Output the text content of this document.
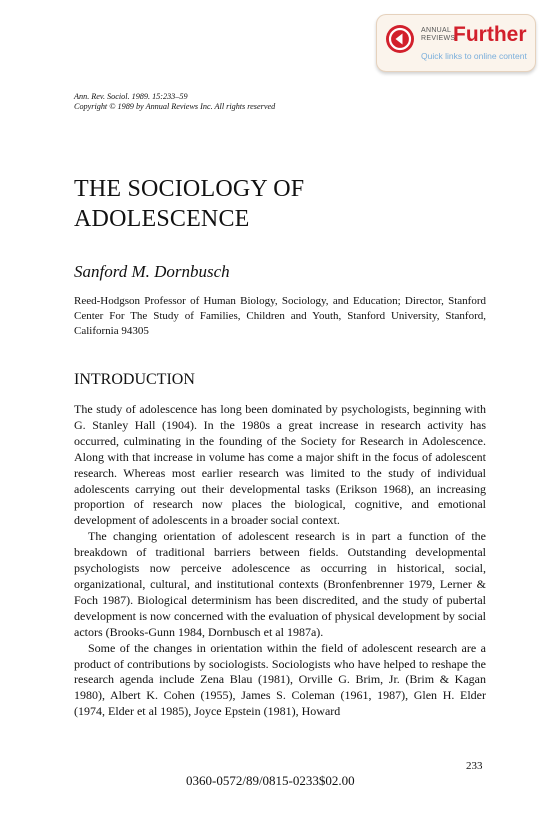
ANNUAL
REVIEWS
Further
Quick links to online content
Ann. Rev. Sociol. 1989. 15:233–59
Copyright © 1989 by Annual Reviews Inc. All rights reserved
THE SOCIOLOGY OF
ADOLESCENCE
Sanford M. Dornbusch
Reed-Hodgson Professor of Human Biology, Sociology, and Education; Director, Stanford Center For The Study of Families, Children and Youth, Stanford University, Stanford, California 94305
INTRODUCTION

The study of adolescence has long been dominated by psychologists, beginning with G. Stanley Hall (1904). In the 1980s a great increase in research activity has occurred, culminating in the founding of the Society for Research in Adolescence. Along with that increase in volume has come a major shift in the focus of adolescent research. Whereas most earlier research was limited to the study of individual adolescents carrying out their developmental tasks (Erikson 1968), an increasing proportion of research now places the biological, cognitive, and emotional development of adolescents in a broader social context.

The changing orientation of adolescent research is in part a function of the breakdown of traditional barriers between fields. Outstanding developmental psychologists now perceive adolescence as occurring in historical, social, organizational, cultural, and institutional contexts (Bronfenbrenner 1979, Lerner & Foch 1987). Biological determinism has been discredited, and the study of pubertal development is now concerned with the evaluation of physical development by social actors (Brooks-Gunn 1984, Dornbusch et al 1987a).

Some of the changes in orientation within the field of adolescent research are a product of contributions by sociologists. Sociologists who have helped to reshape the research agenda include Zena Blau (1981), Orville G. Brim, Jr. (Brim & Kagan 1980), Albert K. Cohen (1955), James S. Coleman (1961, 1987), Glen H. Elder (1974, Elder et al 1985), Joyce Epstein (1981), Howard

233
0360-0572/89/0815-0233$02.00
